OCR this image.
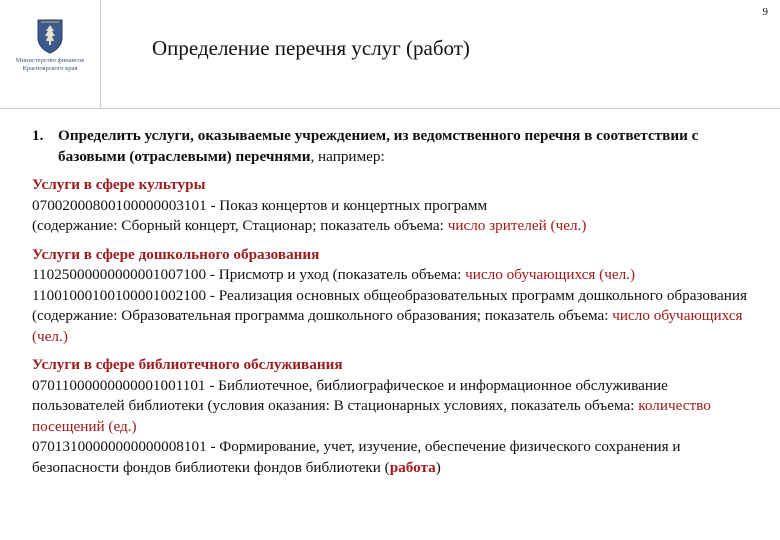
9
Министерство финансов
Красноярского края
Определение перечня услуг (работ)
1. Определить услуги, оказываемые учреждением, из ведомственного перечня в соответствии с базовыми (отраслевыми) перечнями, например:
Услуги в сфере культуры
07002000800100000003101 - Показ концертов и концертных программ
(содержание: Сборный концерт, Стационар; показатель объема: число зрителей (чел.)
Услуги в сфере дошкольного образования
11025000000000001007100 - Присмотр и уход (показатель объема: число обучающихся (чел.)
11001000100100001002100 - Реализация основных общеобразовательных программ дошкольного образования (содержание: Образовательная программа дошкольного образования; показатель объема: число обучающихся (чел.)
Услуги в сфере библиотечного обслуживания
07011000000000001001101 - Библиотечное, библиографическое и информационное обслуживание пользователей библиотеки (условия оказания: В стационарных условиях, показатель объема: количество посещений (ед.)
07013100000000000008101 - Формирование, учет, изучение, обеспечение физического сохранения и безопасности фондов библиотеки фондов библиотеки (работа)
